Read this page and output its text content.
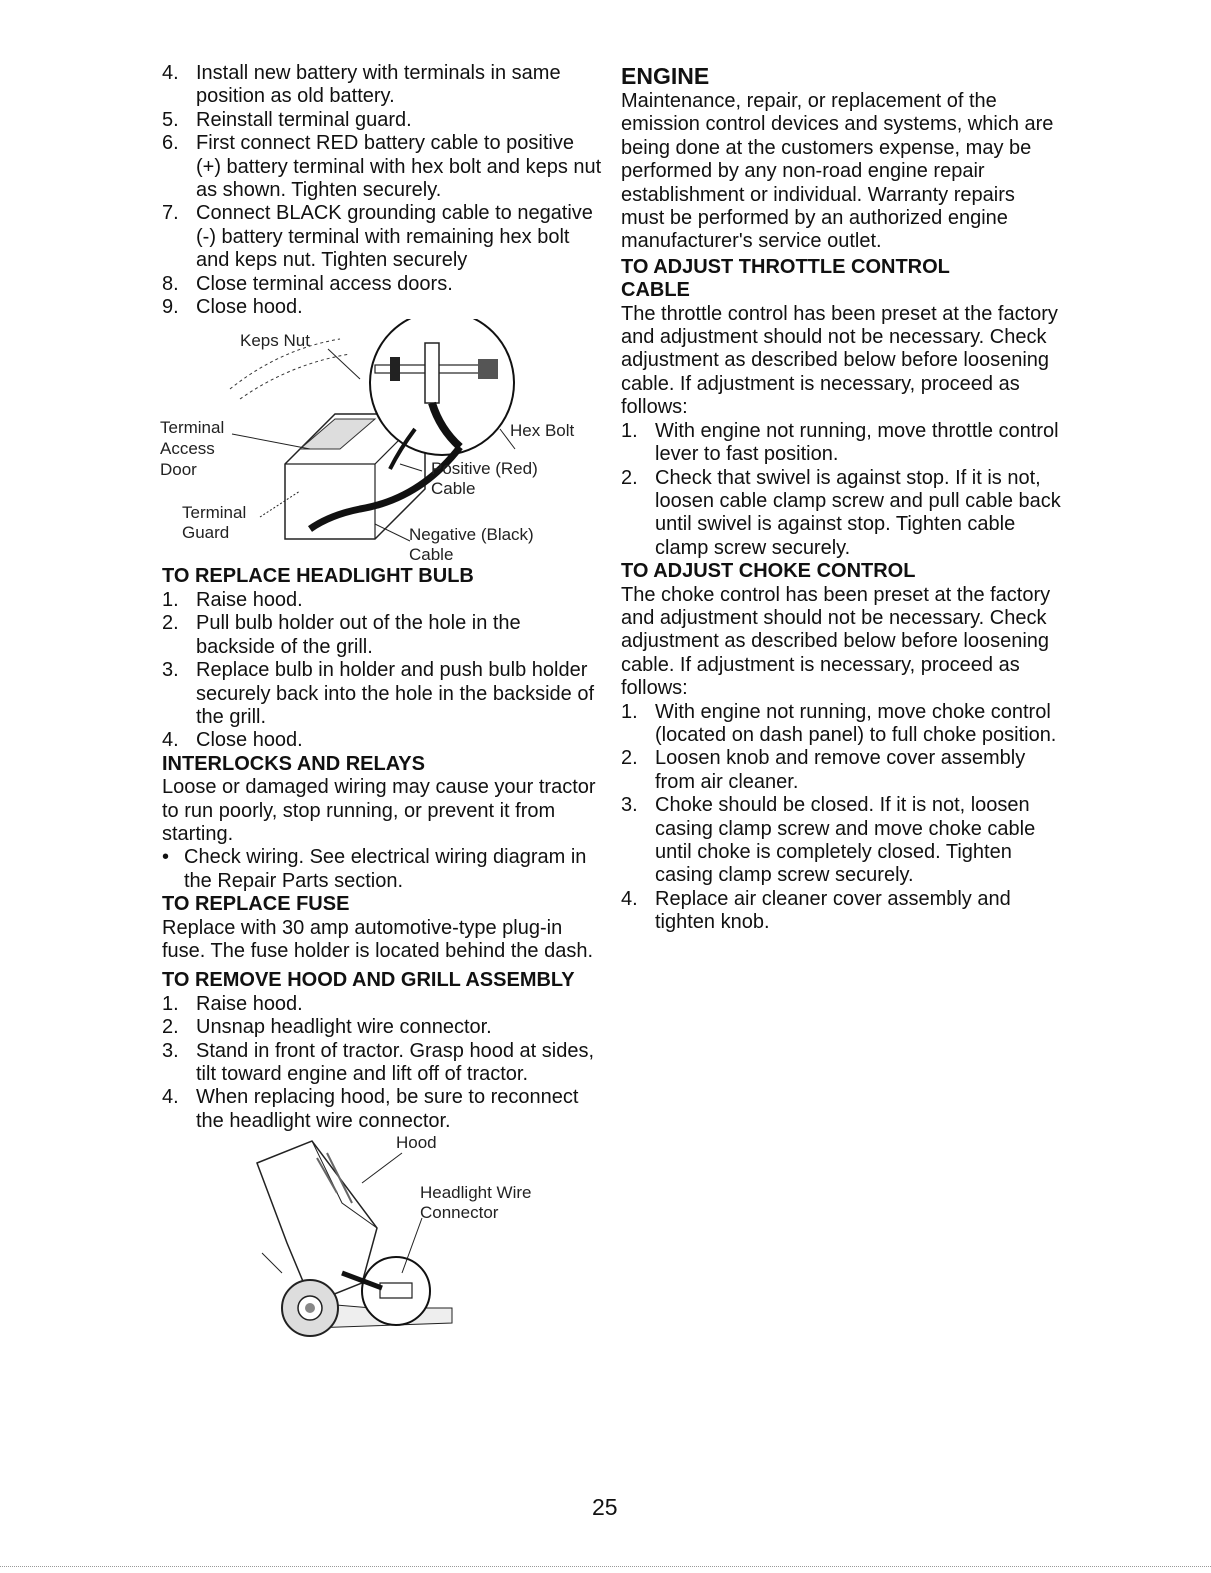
4. Install new battery with terminals in same position as old battery.
5. Reinstall terminal guard.
6. First connect RED battery cable to positive (+) battery terminal with hex bolt and keps nut as shown. Tighten securely.
7. Connect BLACK grounding cable to negative (-) battery terminal with remaining hex bolt and keps nut. Tighten securely
8. Close terminal access doors.
9. Close hood.
Keps Nut
Terminal
Access
Door
Hex Bolt
Positive (Red)
Cable
Terminal
Guard	Negative (Black)
Cable
TO REPLACE HEADLIGHT BULB
1. Raise hood.
2. Pull bulb holder out of the hole in the backside of the grill.
3. Replace bulb in holder and push bulb holder securely back into the hole in the backside of the grill.
4. Close hood.
INTERLOCKS AND RELAYS

Loose or damaged wiring may cause your tractor to run poorly, stop running, or prevent it from starting.

• Check wiring. See electrical wiring diagram in the Repair Parts section.
TO REPLACE FUSE

Replace with 30 amp automotive-type plug-in fuse. The fuse holder is located behind the dash.

TO REMOVE HOOD AND GRILL ASSEMBLY
1. Raise hood.
2. Unsnap headlight wire connector.
3. Stand in front of tractor. Grasp hood at sides, tilt toward engine and lift off of tractor.
4. When replacing hood, be sure to reconnect the headlight wire connector.
Hood
Headlight Wire
Connector
ENGINE

Maintenance, repair, or replacement of the emission control devices and systems, which are being done at the customers expense, may be performed by any non-road engine repair establishment or individual. Warranty repairs must be performed by an authorized engine manufacturer's service outlet.

TO ADJUST THROTTLE CONTROL CABLE

The throttle control has been preset at the factory and adjustment should not be necessary. Check adjustment as described below before loosening cable. If adjustment is necessary, proceed as follows:

1. With engine not running, move throttle control lever to fast position.
2. Check that swivel is against stop. If it is not, loosen cable clamp screw and pull cable back until swivel is against stop. Tighten cable clamp screw securely.
TO ADJUST CHOKE CONTROL

The choke control has been preset at the factory and adjustment should not be necessary. Check adjustment as described below before loosening cable. If adjustment is necessary, proceed as follows:

1. With engine not running, move choke control (located on dash panel) to full choke position.
2. Loosen knob and remove cover assembly from air cleaner.
3. Choke should be closed. If it is not, loosen casing clamp screw and move choke cable until choke is completely closed. Tighten casing clamp screw securely.
4. Replace air cleaner cover assembly and tighten knob.
25
